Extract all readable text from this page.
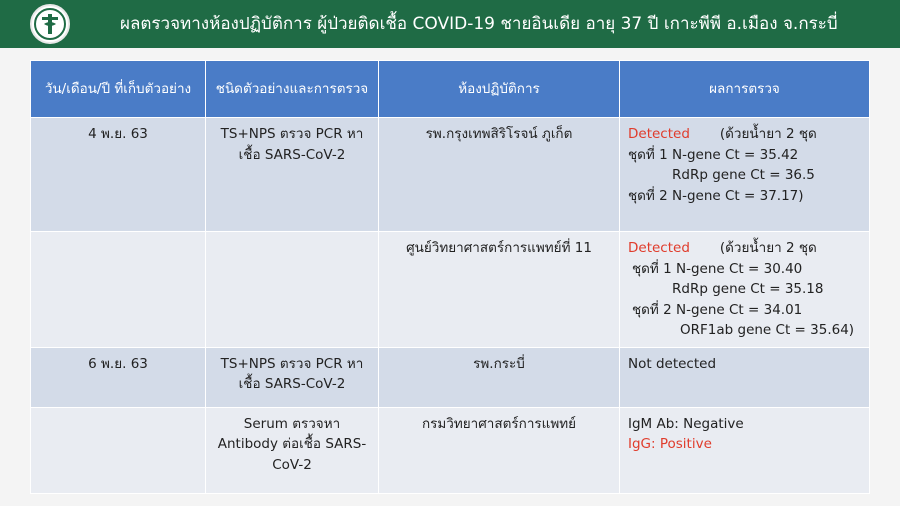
ผลตรวจทางห้องปฏิบัติการ ผู้ป่วยติดเชื้อ COVID-19 ชายอินเดีย อายุ 37 ปี เกาะพีพี อ.เมือง จ.กระบี่
วัน/เดือน/ปี ที่เก็บตัวอย่าง	ชนิดตัวอย่างและการตรวจ	ห้องปฏิบัติการ	ผลการตรวจ
4 พ.ย. 63	TS+NPS ตรวจ PCR หาเชื้อ SARS-CoV-2	รพ.กรุงเทพสิริโรจน์ ภูเก็ต	Detected (ด้วยน้ำยา 2 ชุด
ชุดที่ 1 N-gene Ct = 35.42
RdRp gene Ct = 36.5
ชุดที่ 2 N-gene Ct = 37.17)

		ศูนย์วิทยาศาสตร์การแพทย์ที่ 11	Detected (ด้วยน้ำยา 2 ชุด
ชุดที่ 1 N-gene Ct = 30.40
RdRp gene Ct = 35.18
ชุดที่ 2 N-gene Ct = 34.01
ORF1ab gene Ct = 35.64)

6 พ.ย. 63	TS+NPS ตรวจ PCR หาเชื้อ SARS-CoV-2	รพ.กระบี่	Not detected
	Serum ตรวจหา Antibody ต่อเชื้อ SARS-CoV-2	กรมวิทยาศาสตร์การแพทย์	IgM Ab: Negative
IgG: Positive
